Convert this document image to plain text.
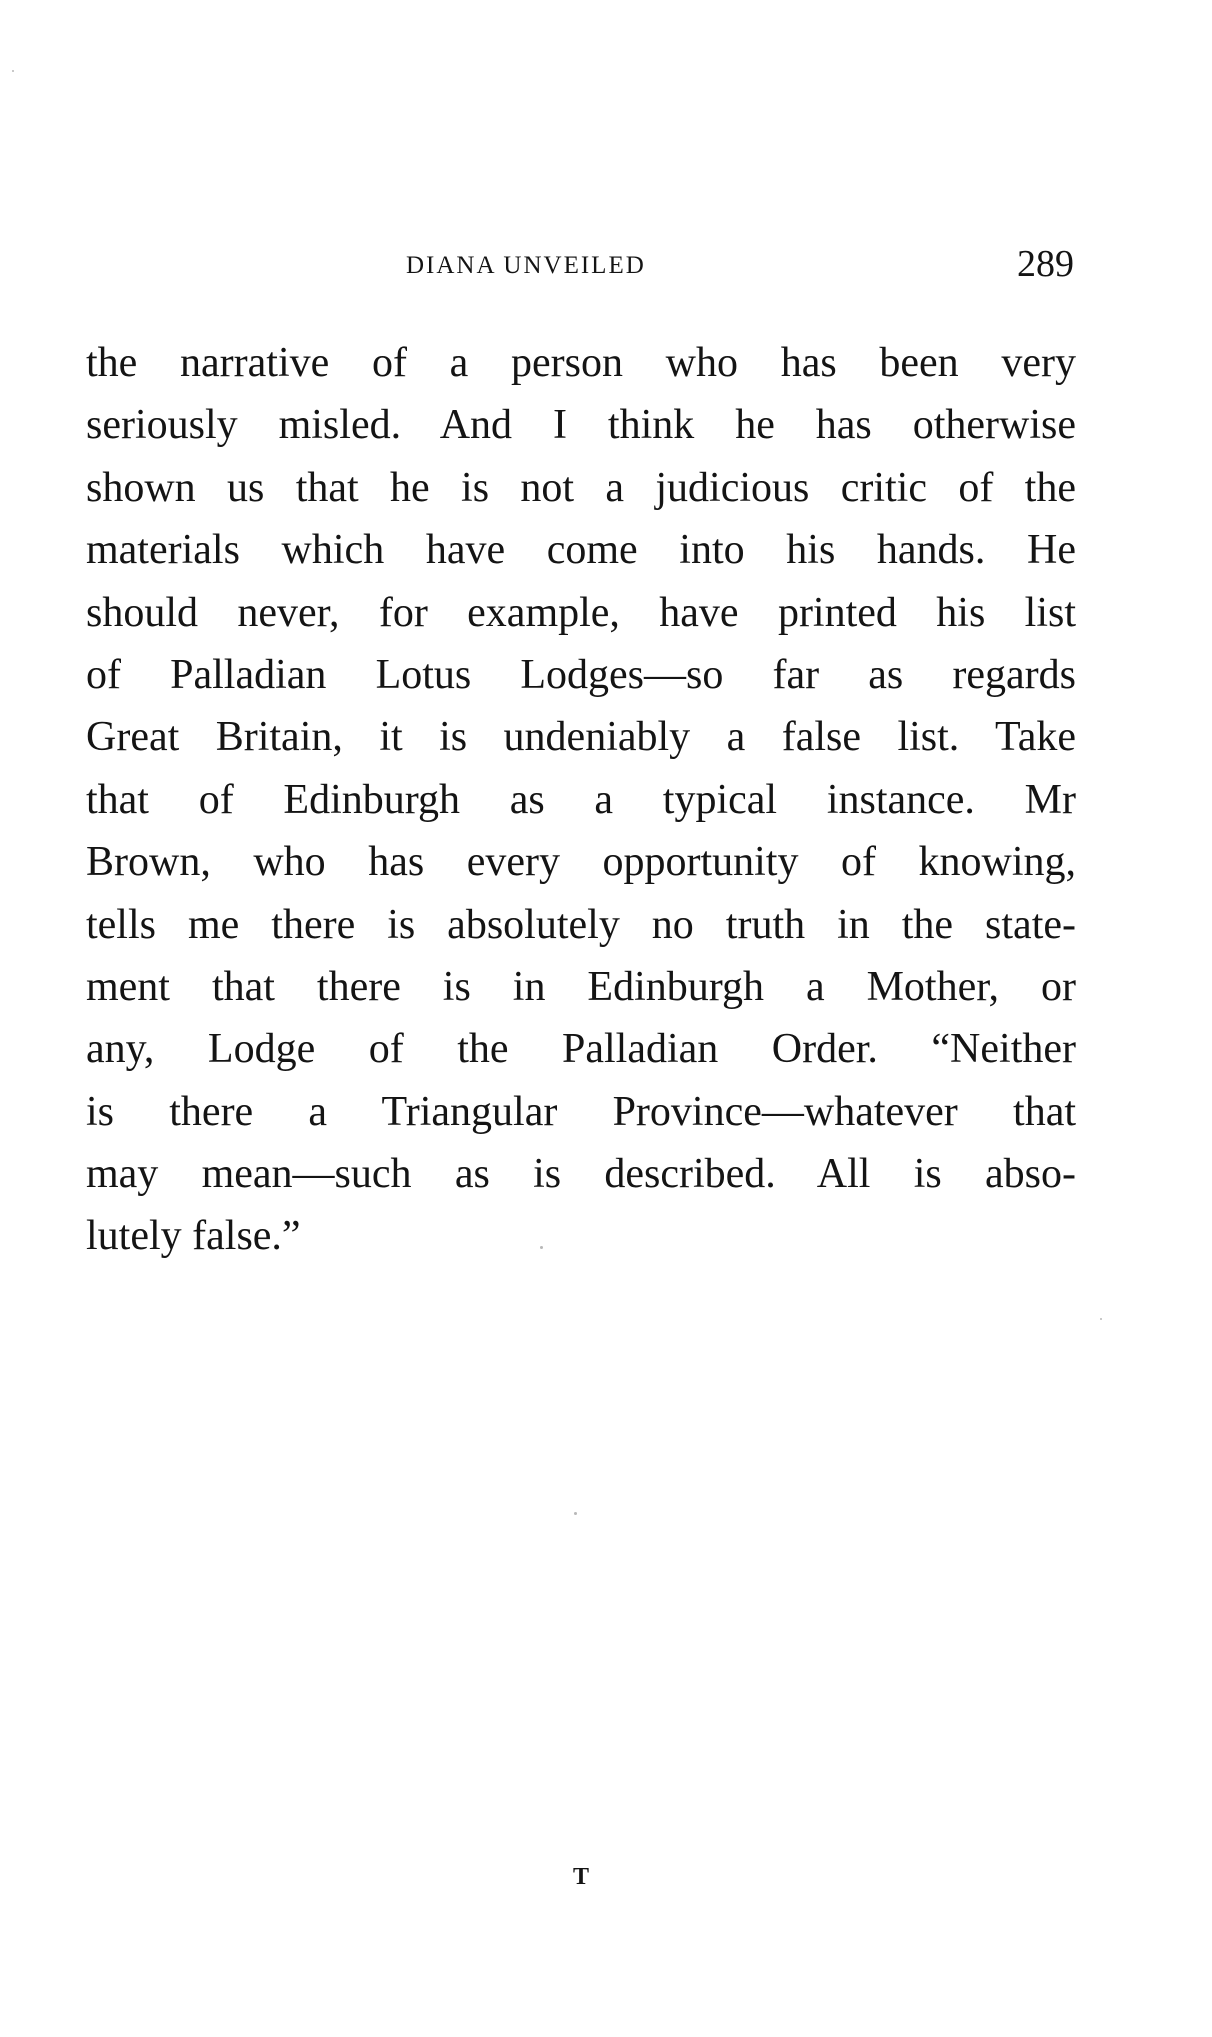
DIANA UNVEILED	289
the narrative of a person who has been very
seriously misled. And I think he has otherwise
shown us that he is not a judicious critic of the
materials which have come into his hands. He
should never, for example, have printed his list
of Palladian Lotus Lodges—so far as regards
Great Britain, it is undeniably a false list. Take
that of Edinburgh as a typical instance. Mr
Brown, who has every opportunity of knowing,
tells me there is absolutely no truth in the state-
ment that there is in Edinburgh a Mother, or
any, Lodge of the Palladian Order. “Neither
is there a Triangular Province—whatever that
may mean—such as is described. All is abso-
lutely false.”
T
